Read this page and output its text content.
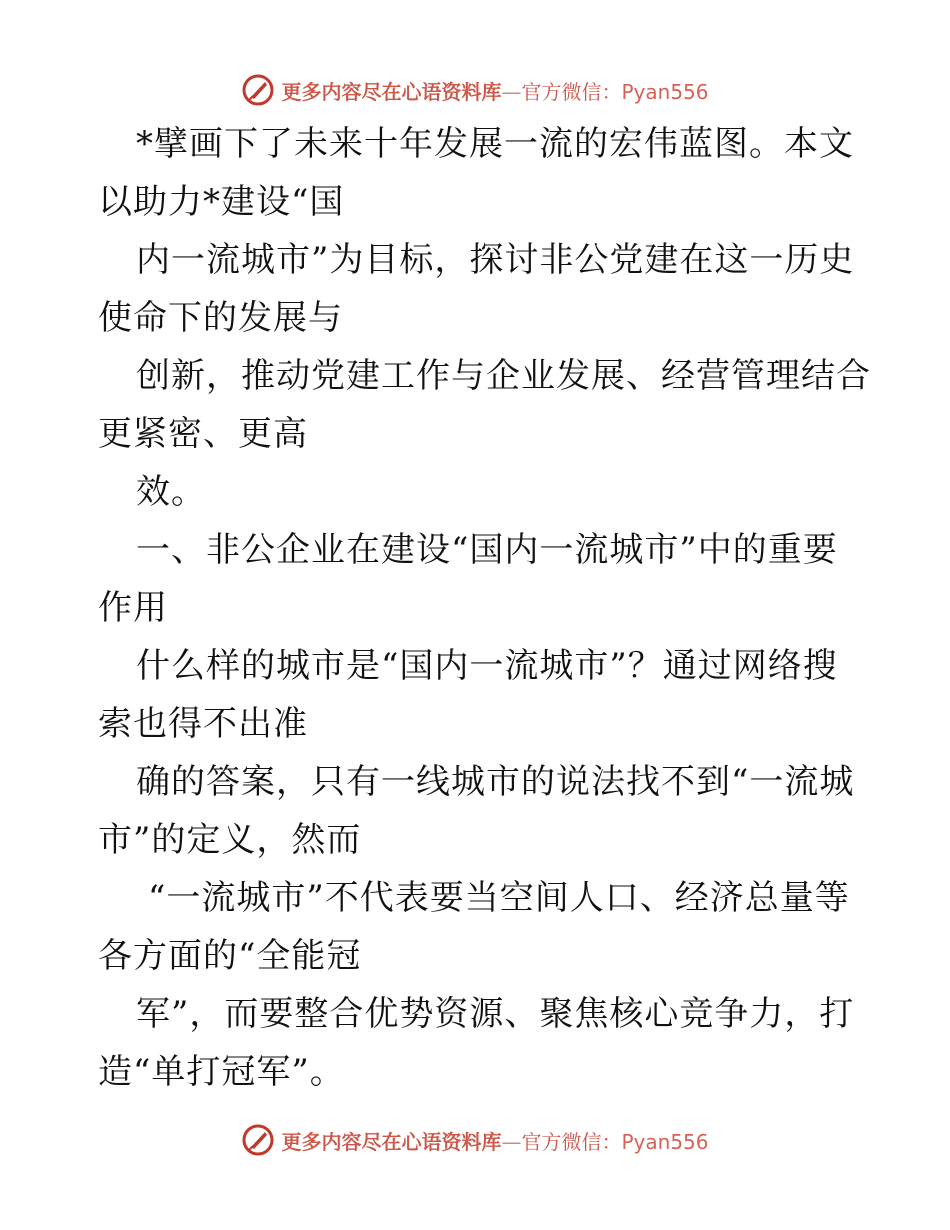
更多内容尽在心语资料库—官方微信：Pyan556
*擘画下了未来十年发展一流的宏伟蓝图。本文
以助力*建设“国
内一流城市”为目标，探讨非公党建在这一历史
使命下的发展与
创新，推动党建工作与企业发展、经营管理结合
更紧密、更高
效。
一、非公企业在建设“国内一流城市”中的重要
作用
什么样的城市是“国内一流城市”？通过网络搜
索也得不出准
确的答案，只有一线城市的说法找不到“一流城
市”的定义，然而
“一流城市”不代表要当空间人口、经济总量等
各方面的“全能冠
军”，而要整合优势资源、聚焦核心竞争力，打
造“单打冠军”。
更多内容尽在心语资料库—官方微信：Pyan556
